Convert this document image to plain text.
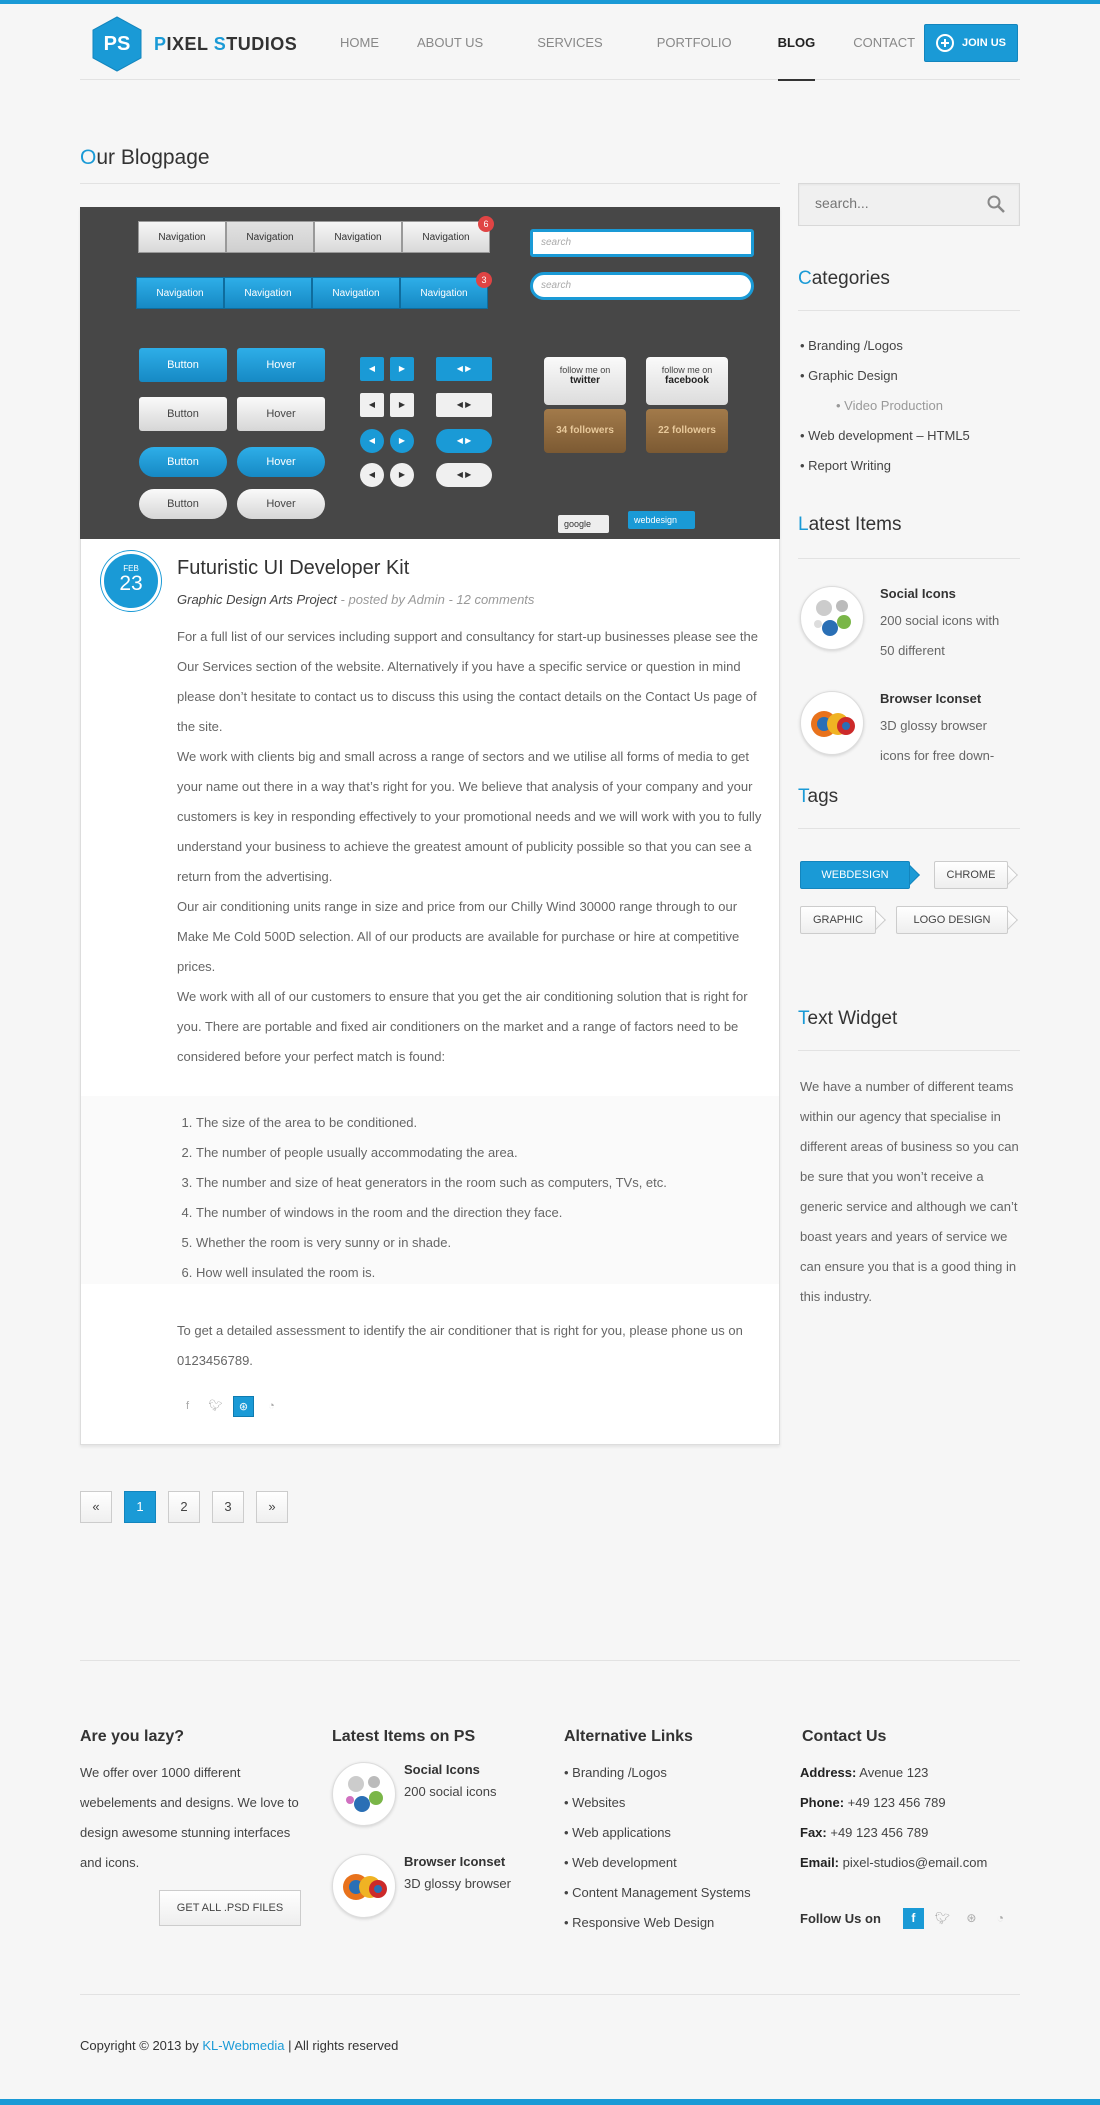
PS	PIXEL STUDIOS	HOME	ABOUT US	SERVICES	PORTFOLIO	BLOG	CONTACT	JOIN US
Our Blogpage
Navigation	Navigation	Navigation	Navigation
6
Navigation	Navigation	Navigation	Navigation
3
search
search
Button	Hover
Button	Hover
Button	Hover
Button	Hover
◀	▶	◀ ▶
◀	▶	◀ ▶
◀	▶	◀ ▶
◀	▶	◀ ▶
follow me on
twitter
follow me on
facebook
34 followers	22 followers
google	webdesign
FEB
23
Futuristic UI Developer Kit
Graphic Design Arts Project - posted by Admin - 12 comments

For a full list of our services including support and consultancy for start-up businesses please see the Our Services section of the website. Alternatively if you have a specific service or question in mind please don’t hesitate to contact us to discuss this using the contact details on the Contact Us page of the site.

We work with clients big and small across a range of sectors and we utilise all forms of media to get your name out there in a way that’s right for you. We believe that analysis of your company and your customers is key in responding effectively to your promotional needs and we will work with you to fully understand your business to achieve the greatest amount of publicity possible so that you can see a return from the advertising.

Our air conditioning units range in size and price from our Chilly Wind 30000 range through to our Make Me Cold 500D selection. All of our products are available for purchase or hire at competitive prices.

We work with all of our customers to ensure that you get the air conditioning solution that is right for you. There are portable and fixed air conditioners on the market and a range of factors need to be considered before your perfect match is found:

1. The size of the area to be conditioned.
2. The number of people usually accommodating the area.
3. The number and size of heat generators in the room such as computers, TVs, etc.
4. The number of windows in the room and the direction they face.
5. Whether the room is very sunny or in shade.
6. How well insulated the room is.
To get a detailed assessment to identify the air conditioner that is right for you, please phone us on 0123456789.
f	🐦︎	⊛	◔
«	1	2	3	»
search...
Categories
• Branding /Logos
• Graphic Design
• Video Production
• Web development – HTML5
• Report Writing
Latest Items
Social Icons
200 social icons with 50 different
Browser Iconset
3D glossy browser icons for free down-
Tags
WEBDESIGN	CHROME
GRAPHIC	LOGO DESIGN
Text Widget
We have a number of different teams within our agency that specialise in different areas of business so you can be sure that you won’t receive a generic service and although we can’t boast years and years of service we can ensure you that is a good thing in this industry.
Are you lazy?
We offer over 1000 different webelements and designs. We love to design awesome stunning interfaces and icons.
GET ALL .PSD FILES
Latest Items on PS
Social Icons
200 social icons
Browser Iconset
3D glossy browser
Alternative Links
• Branding /Logos
• Websites
• Web applications
• Web development
• Content Management Systems
• Responsive Web Design
Contact Us
Address: Avenue 123
Phone: +49 123 456 789
Fax: +49 123 456 789
Email: pixel-studios@email.com
Follow Us on	f	🐦︎	⊛	◔
Copyright © 2013 by KL-Webmedia | All rights reserved
